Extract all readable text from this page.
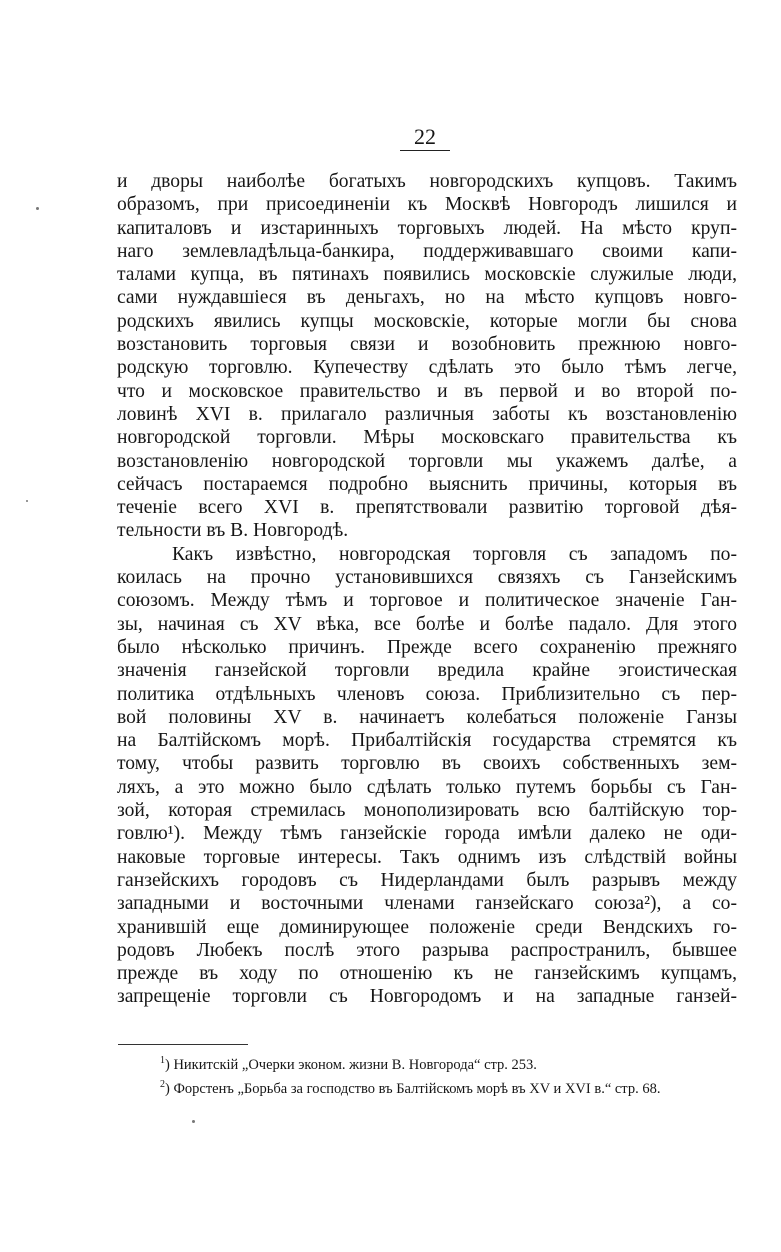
22
и дворы наиболѣе богатыхъ новгородскихъ купцовъ. Такимъ
образомъ, при присоединеніи къ Москвѣ Новгородъ лишился и
капиталовъ и изстаринныхъ торговыхъ людей. На мѣсто круп-
наго землевладѣльца-банкира, поддерживавшаго своими капи-
талами купца, въ пятинахъ появились московскіе служилые люди,
сами нуждавшіеся въ деньгахъ, но на мѣсто купцовъ новго-
родскихъ явились купцы московскіе, которые могли бы снова
возстановить торговыя связи и возобновить прежнюю новго-
родскую торговлю. Купечеству сдѣлать это было тѣмъ легче,
что и московское правительство и въ первой и во второй по-
ловинѣ XVI в. прилагало различныя заботы къ возстановленію
новгородской торговли. Мѣры московскаго правительства къ
возстановленію новгородской торговли мы укажемъ далѣе, а
сейчасъ постараемся подробно выяснить причины, которыя въ
теченіе всего XVI в. препятствовали развитію торговой дѣя-
тельности въ В. Новгородѣ.
Какъ извѣстно, новгородская торговля съ западомъ по-
коилась на прочно установившихся связяхъ съ Ганзейскимъ
союзомъ. Между тѣмъ и торговое и политическое значеніе Ган-
зы, начиная съ XV вѣка, все болѣе и болѣе падало. Для этого
было нѣсколько причинъ. Прежде всего сохраненію прежняго
значенія ганзейской торговли вредила крайне эгоистическая
политика отдѣльныхъ членовъ союза. Приблизительно съ пер-
вой половины XV в. начинаетъ колебаться положеніе Ганзы
на Балтійскомъ морѣ. Прибалтійскія государства стремятся къ
тому, чтобы развить торговлю въ своихъ собственныхъ зем-
ляхъ, а это можно было сдѣлать только путемъ борьбы съ Ган-
зой, которая стремилась монополизировать всю балтійскую тор-
говлю¹). Между тѣмъ ганзейскіе города имѣли далеко не оди-
наковые торговые интересы. Такъ однимъ изъ слѣдствій войны
ганзейскихъ городовъ съ Нидерландами былъ разрывъ между
западными и восточными членами ганзейскаго союза²), а со-
хранившій еще доминирующее положеніе среди Вендскихъ го-
родовъ Любекъ послѣ этого разрыва распространилъ, бывшее
прежде въ ходу по отношенію къ не ганзейскимъ купцамъ,
запрещеніе торговли съ Новгородомъ и на западные ганзей-
$^1$) Никитскій „Очерки эконом. жизни В. Новгорода“ стр. 253.
$^2$) Форстенъ „Борьба за господство въ Балтійскомъ морѣ въ XV и XVI в.“ стр. 68.
